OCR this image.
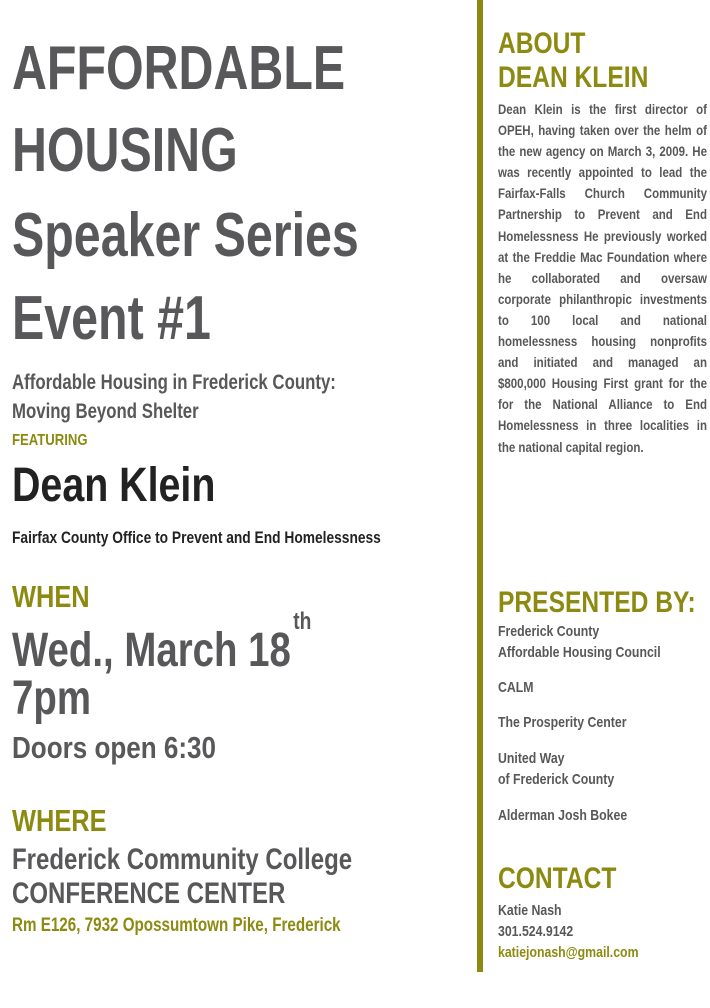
AFFORDABLE
HOUSING
Speaker Series
Event #1
Affordable Housing in Frederick County:
Moving Beyond Shelter
FEATURING
Dean Klein
Fairfax County Office to Prevent and End Homelessness
WHEN
Wed., March 18th
7pm
Doors open 6:30
WHERE
Frederick Community College
CONFERENCE CENTER
Rm E126, 7932 Opossumtown Pike, Frederick
ABOUT
DEAN KLEIN
Dean Klein is the first director of OPEH, having taken over the helm of the new agency on March 3, 2009. He was recently appointed to lead the Fairfax-Falls Church Community Partnership to Prevent and End Homelessness He previously worked at the Freddie Mac Foundation where he collaborated and oversaw corporate philanthropic investments to 100 local and national homelessness housing nonprofits and initiated and managed an $800,000 Housing First grant for the for the National Alliance to End Homelessness in three localities in the national capital region.
PRESENTED BY:
Frederick County
Affordable Housing Council
CALM
The Prosperity Center
United Way
of Frederick County
Alderman Josh Bokee
CONTACT
Katie Nash
301.524.9142
katiejonash@gmail.com
